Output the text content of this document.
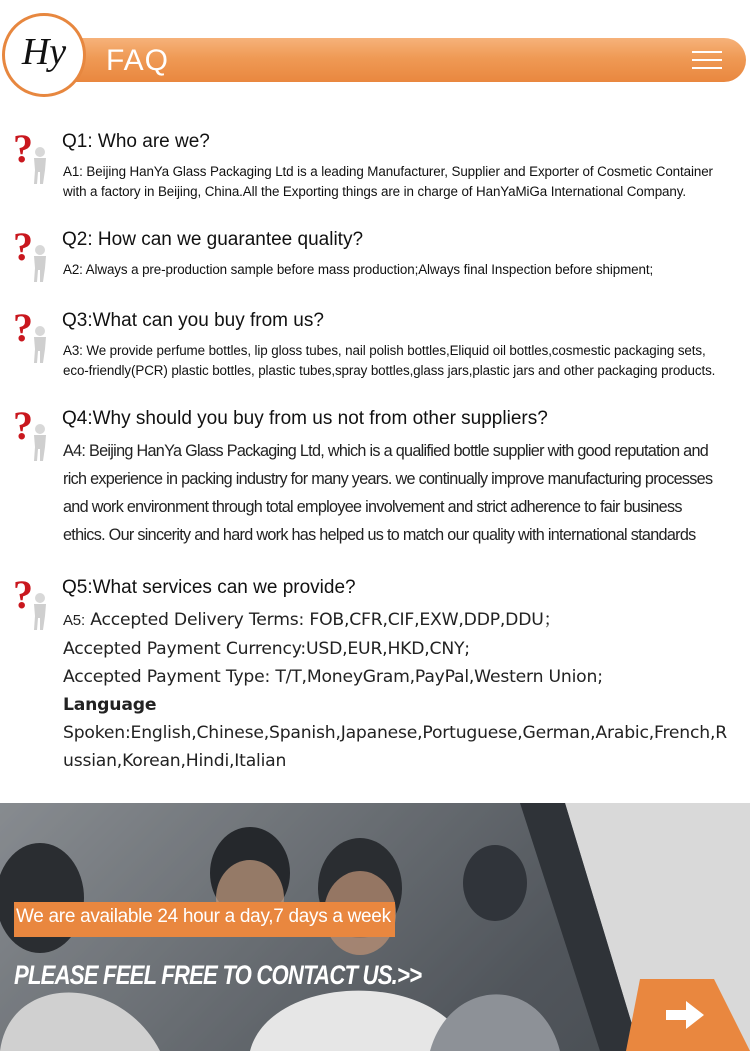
FAQ
Hy
? Q1: Who are we?
A1: Beijing HanYa Glass Packaging Ltd is a leading Manufacturer, Supplier and Exporter of Cosmetic Container
with a factory in Beijing, China.All the Exporting things are in charge of HanYaMiGa International Company.
? Q2: How can we guarantee quality?
A2: Always a pre-production sample before mass production;Always final Inspection before shipment;
? Q3:What can you buy from us?
A3: We provide perfume bottles, lip gloss tubes, nail polish bottles,Eliquid oil bottles,cosmestic packaging sets,
eco-friendly(PCR) plastic bottles, plastic tubes,spray bottles,glass jars,plastic jars and other packaging products.
? Q4:Why should you buy from us not from other suppliers?
A4: Beijing HanYa Glass Packaging Ltd, which is a qualified bottle supplier with good reputation and
rich experience in packing industry for many years. we continually improve manufacturing processes
and work environment through total employee involvement and strict adherence to fair business
ethics. Our sincerity and hard work has helped us to match our quality with international standards
? Q5:What services can we provide?
A5: Accepted Delivery Terms: FOB,CFR,CIF,EXW,DDP,DDU；
Accepted Payment Currency:USD,EUR,HKD,CNY;
Accepted Payment Type: T/T,MoneyGram,PayPal,Western Union;
Language
Spoken:English,Chinese,Spanish,Japanese,Portuguese,German,Arabic,French,R
ussian,Korean,Hindi,Italian
We are available 24 hour a day,7 days a week
PLEASE FEEL FREE TO CONTACT US.>>
